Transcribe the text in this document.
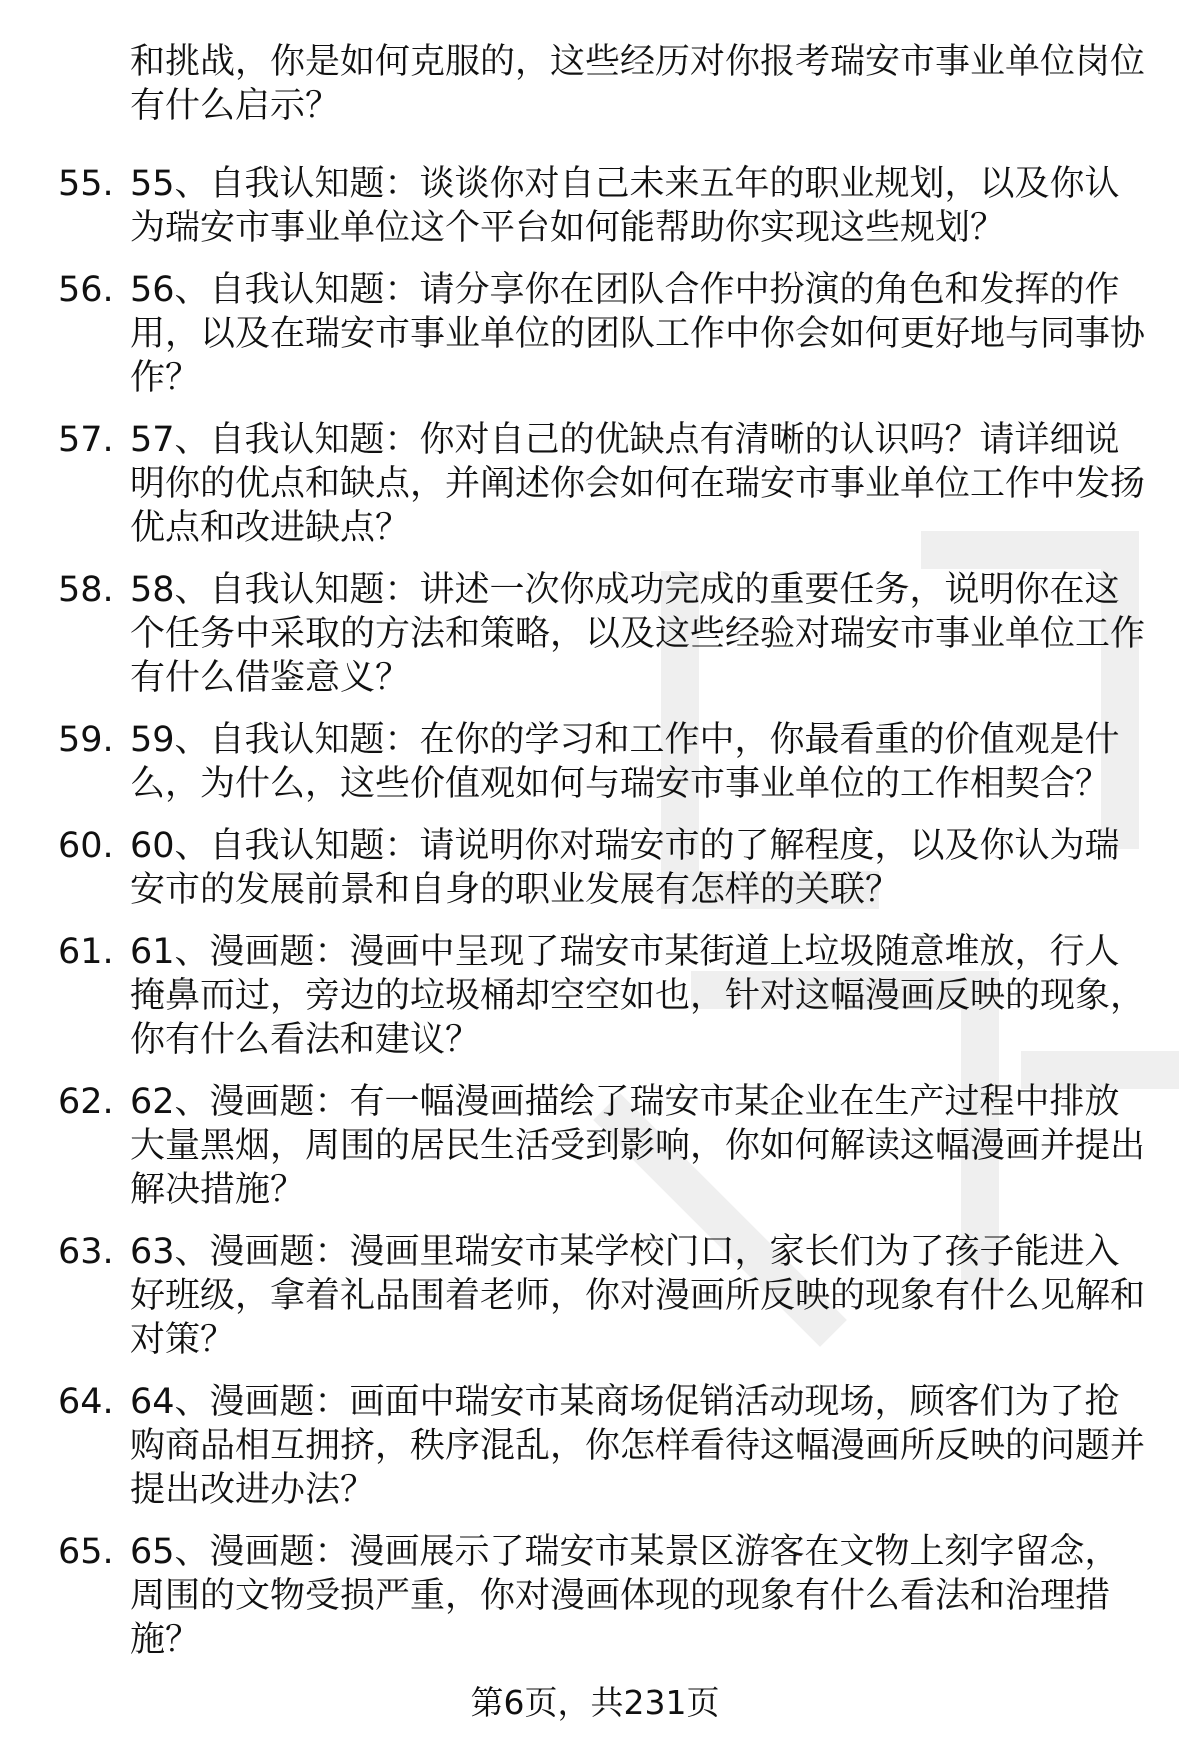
和挑战，你是如何克服的，这些经历对你报考瑞安市事业单位岗位有什么启示？

55. 55、自我认知题：谈谈你对自己未来五年的职业规划，以及你认为瑞安市事业单位这个平台如何能帮助你实现这些规划？
56. 56、自我认知题：请分享你在团队合作中扮演的角色和发挥的作用，以及在瑞安市事业单位的团队工作中你会如何更好地与同事协作？
57. 57、自我认知题：你对自己的优缺点有清晰的认识吗？请详细说明你的优点和缺点，并阐述你会如何在瑞安市事业单位工作中发扬优点和改进缺点？
58. 58、自我认知题：讲述一次你成功完成的重要任务，说明你在这个任务中采取的方法和策略，以及这些经验对瑞安市事业单位工作有什么借鉴意义？
59. 59、自我认知题：在你的学习和工作中，你最看重的价值观是什么，为什么，这些价值观如何与瑞安市事业单位的工作相契合？
60. 60、自我认知题：请说明你对瑞安市的了解程度，以及你认为瑞安市的发展前景和自身的职业发展有怎样的关联？
61. 61、漫画题：漫画中呈现了瑞安市某街道上垃圾随意堆放，行人掩鼻而过，旁边的垃圾桶却空空如也，针对这幅漫画反映的现象，你有什么看法和建议？
62. 62、漫画题：有一幅漫画描绘了瑞安市某企业在生产过程中排放大量黑烟，周围的居民生活受到影响，你如何解读这幅漫画并提出解决措施？
63. 63、漫画题：漫画里瑞安市某学校门口，家长们为了孩子能进入好班级，拿着礼品围着老师，你对漫画所反映的现象有什么见解和对策？
64. 64、漫画题：画面中瑞安市某商场促销活动现场，顾客们为了抢购商品相互拥挤，秩序混乱，你怎样看待这幅漫画所反映的问题并提出改进办法？
65. 65、漫画题：漫画展示了瑞安市某景区游客在文物上刻字留念，周围的文物受损严重，你对漫画体现的现象有什么看法和治理措施？
第6页，共231页
